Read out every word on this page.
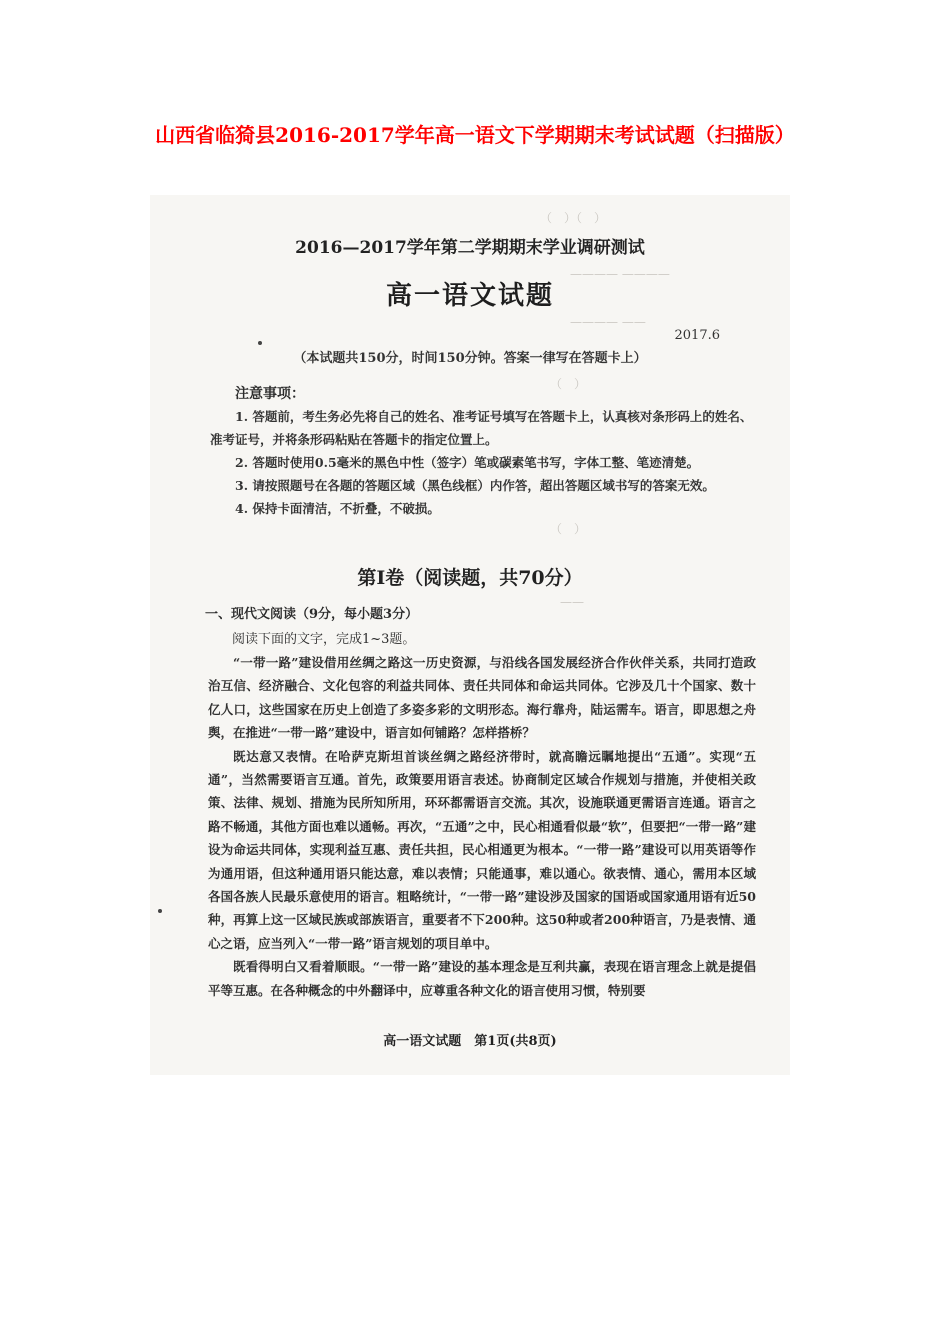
山西省临猗县2016-2017学年高一语文下学期期末考试试题（扫描版）
（　）（　）
———— ————
———— ——
（　）
（　）
——
2016—2017学年第二学期期末学业调研测试
高一语文试题
2017.6
（本试题共150分，时间150分钟。答案一律写在答题卡上）
注意事项：

1. 答题前，考生务必先将自己的姓名、准考证号填写在答题卡上，认真核对条形码上的姓名、准考证号，并将条形码粘贴在答题卡的指定位置上。

2. 答题时使用0.5毫米的黑色中性（签字）笔或碳素笔书写，字体工整、笔迹清楚。

3. 请按照题号在各题的答题区域（黑色线框）内作答，超出答题区域书写的答案无效。

4. 保持卡面清洁，不折叠，不破损。

第Ⅰ卷（阅读题，共70分）
一、现代文阅读（9分，每小题3分）
阅读下面的文字，完成1~3题。

“一带一路”建设借用丝绸之路这一历史资源，与沿线各国发展经济合作伙伴关系，共同打造政治互信、经济融合、文化包容的利益共同体、责任共同体和命运共同体。它涉及几十个国家、数十亿人口，这些国家在历史上创造了多姿多彩的文明形态。海行靠舟，陆运需车。语言，即思想之舟舆，在推进“一带一路”建设中，语言如何铺路？怎样搭桥？

既达意又表情。在哈萨克斯坦首谈丝绸之路经济带时，就高瞻远瞩地提出“五通”。实现“五通”，当然需要语言互通。首先，政策要用语言表述。协商制定区域合作规划与措施，并使相关政策、法律、规划、措施为民所知所用，环环都需语言交流。其次，设施联通更需语言连通。语言之路不畅通，其他方面也难以通畅。再次，“五通”之中，民心相通看似最“软”，但要把“一带一路”建设为命运共同体，实现利益互惠、责任共担，民心相通更为根本。“一带一路”建设可以用英语等作为通用语，但这种通用语只能达意，难以表情；只能通事，难以通心。欲表情、通心，需用本区域各国各族人民最乐意使用的语言。粗略统计，“一带一路”建设涉及国家的国语或国家通用语有近50种，再算上这一区域民族或部族语言，重要者不下200种。这50种或者200种语言，乃是表情、通心之语，应当列入“一带一路”语言规划的项目单中。

既看得明白又看着顺眼。“一带一路”建设的基本理念是互利共赢，表现在语言理念上就是提倡平等互惠。在各种概念的中外翻译中，应尊重各种文化的语言使用习惯，特别要

高一语文试题　第1页(共8页)
